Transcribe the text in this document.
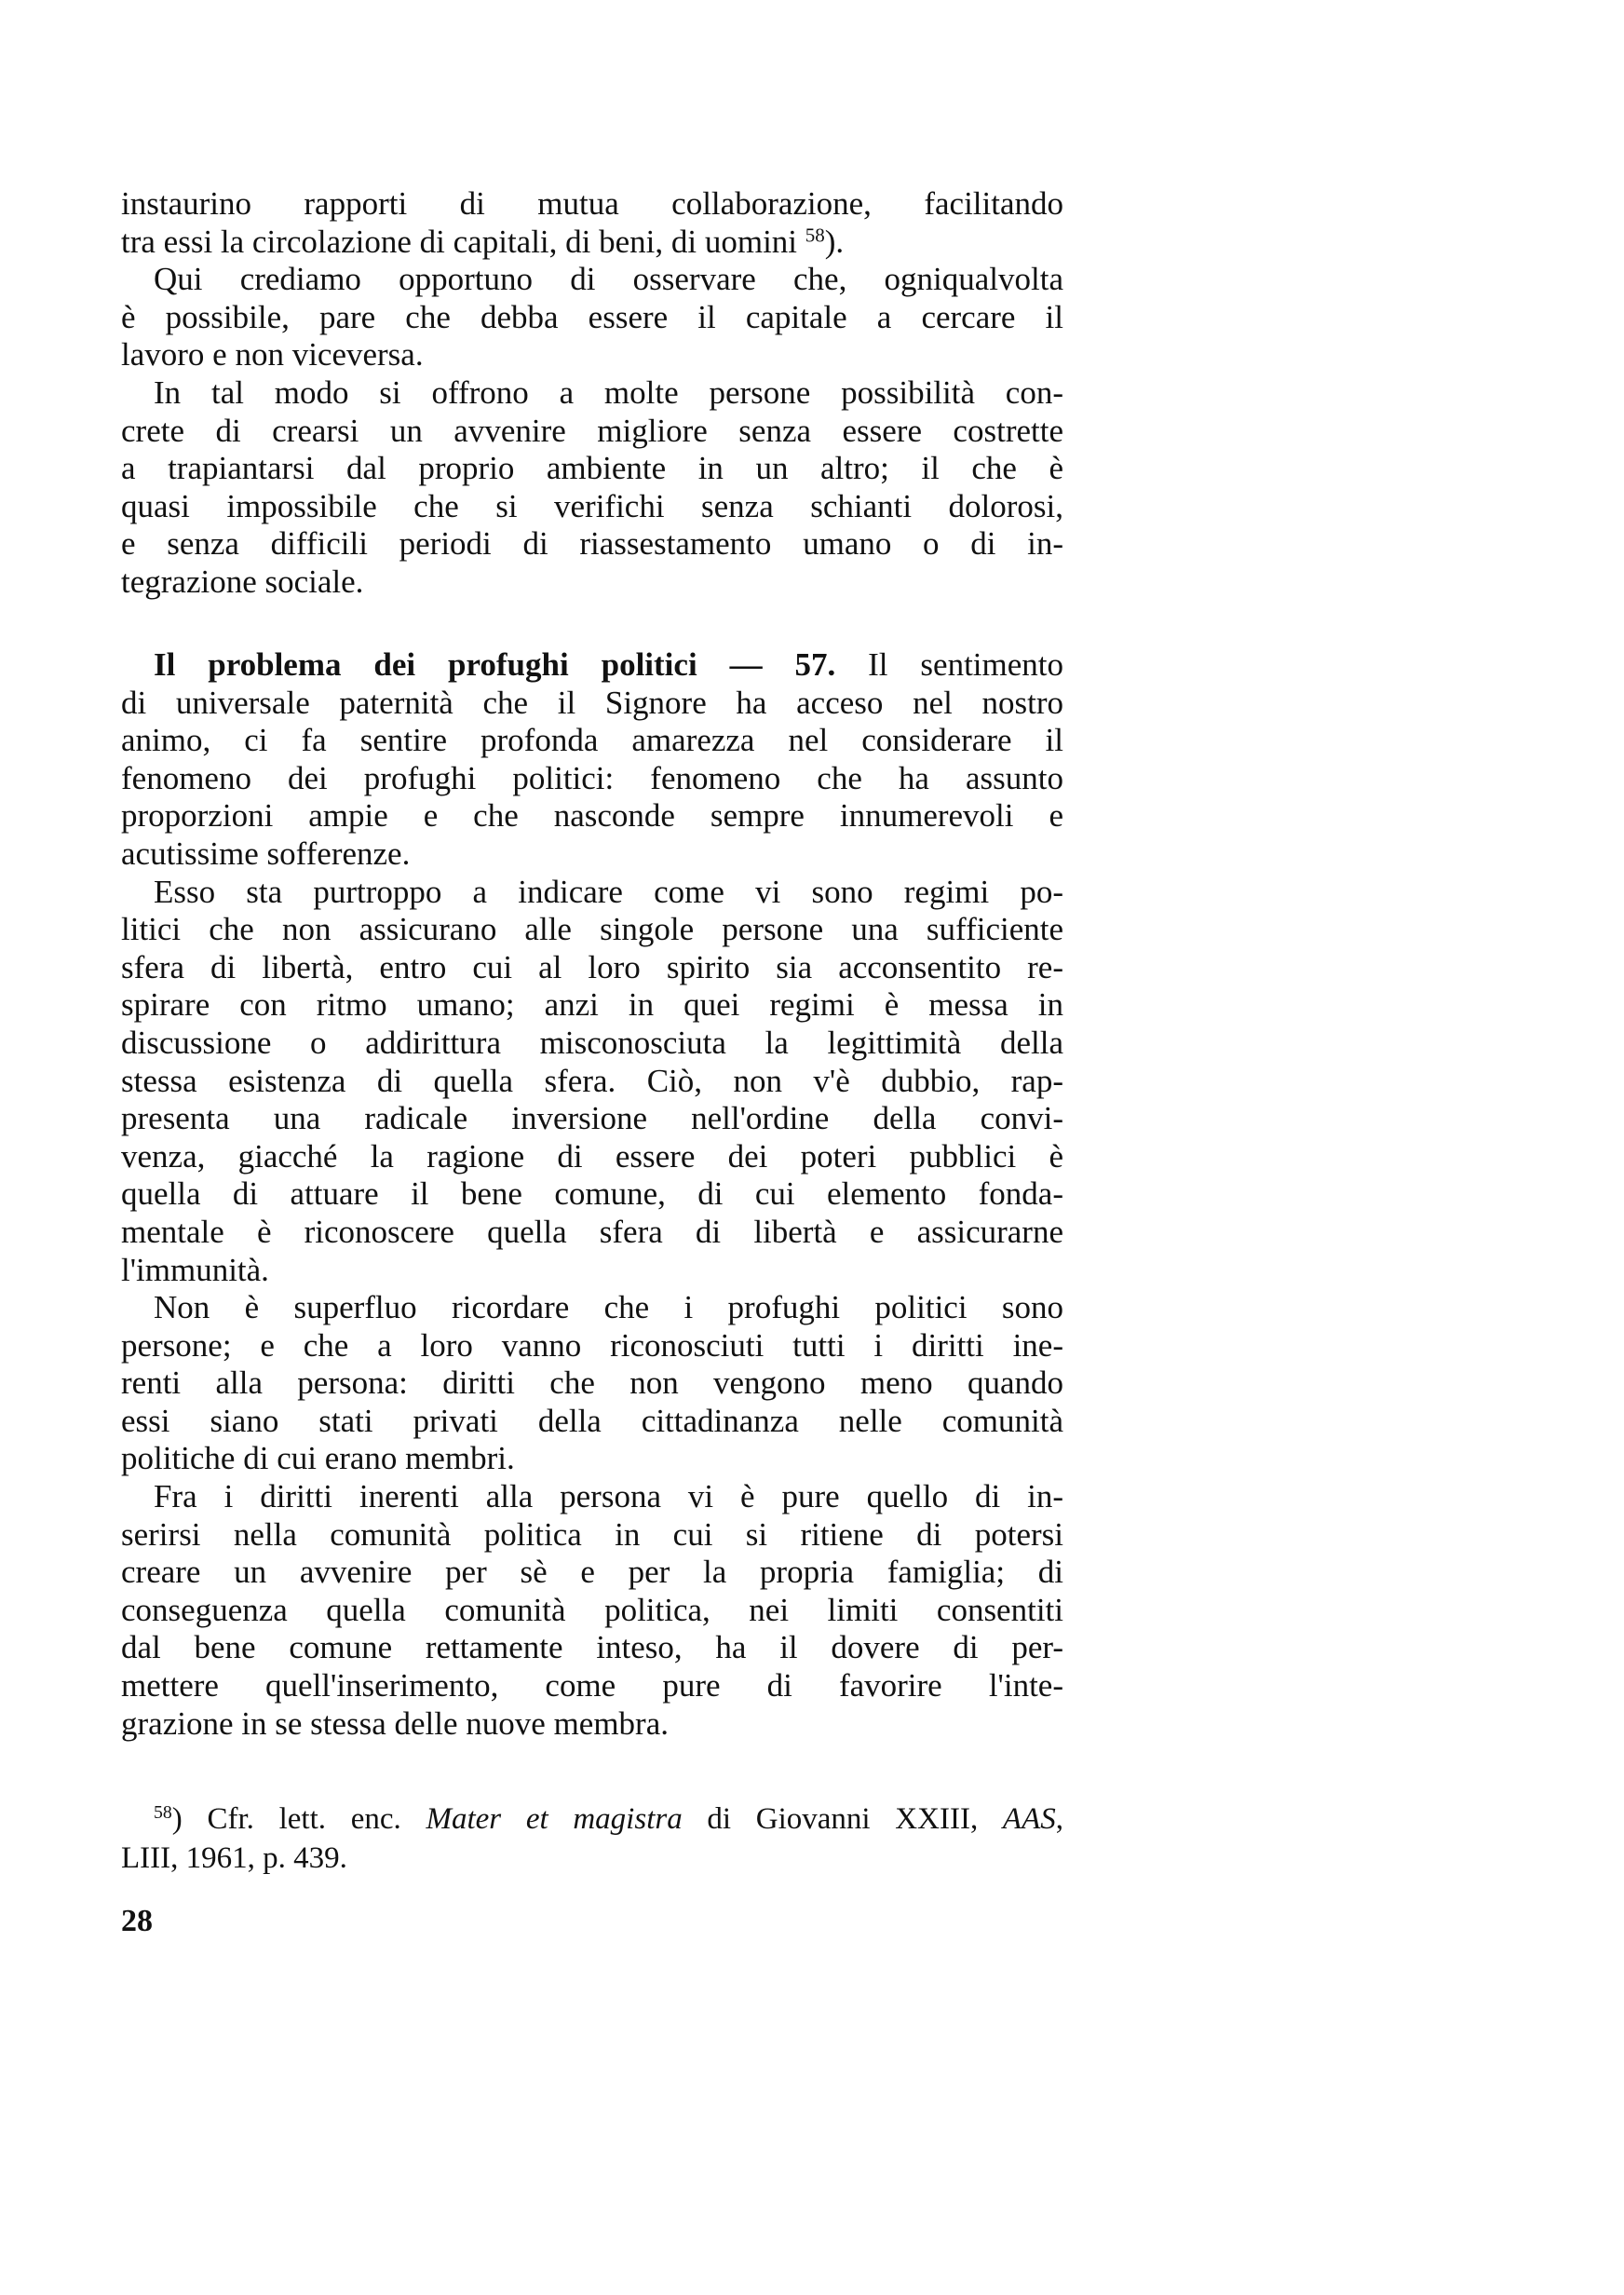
instaurino rapporti di mutua collaborazione, facilitando
tra essi la circolazione di capitali, di beni, di uomini $^{58}$).
Qui crediamo opportuno di osservare che, ogniqualvolta
è possibile, pare che debba essere il capitale a cercare il
lavoro e non viceversa.
In tal modo si offrono a molte persone possibilità con-
crete di crearsi un avvenire migliore senza essere costrette
a trapiantarsi dal proprio ambiente in un altro; il che è
quasi impossibile che si verifichi senza schianti dolorosi,
e senza difficili periodi di riassestamento umano o di in-
tegrazione sociale.
Il problema dei profughi politici — 57. Il sentimento
di universale paternità che il Signore ha acceso nel nostro
animo, ci fa sentire profonda amarezza nel considerare il
fenomeno dei profughi politici: fenomeno che ha assunto
proporzioni ampie e che nasconde sempre innumerevoli e
acutissime sofferenze.
Esso sta purtroppo a indicare come vi sono regimi po-
litici che non assicurano alle singole persone una sufficiente
sfera di libertà, entro cui al loro spirito sia acconsentito re-
spirare con ritmo umano; anzi in quei regimi è messa in
discussione o addirittura misconosciuta la legittimità della
stessa esistenza di quella sfera. Ciò, non v'è dubbio, rap-
presenta una radicale inversione nell'ordine della convi-
venza, giacché la ragione di essere dei poteri pubblici è
quella di attuare il bene comune, di cui elemento fonda-
mentale è riconoscere quella sfera di libertà e assicurarne
l'immunità.
Non è superfluo ricordare che i profughi politici sono
persone; e che a loro vanno riconosciuti tutti i diritti ine-
renti alla persona: diritti che non vengono meno quando
essi siano stati privati della cittadinanza nelle comunità
politiche di cui erano membri.
Fra i diritti inerenti alla persona vi è pure quello di in-
serirsi nella comunità politica in cui si ritiene di potersi
creare un avvenire per sè e per la propria famiglia; di
conseguenza quella comunità politica, nei limiti consentiti
dal bene comune rettamente inteso, ha il dovere di per-
mettere quell'inserimento, come pure di favorire l'inte-
grazione in se stessa delle nuove membra.
$^{58}$) Cfr. lett. enc. Mater et magistra di Giovanni XXIII, AAS,
LIII, 1961, p. 439.
28
